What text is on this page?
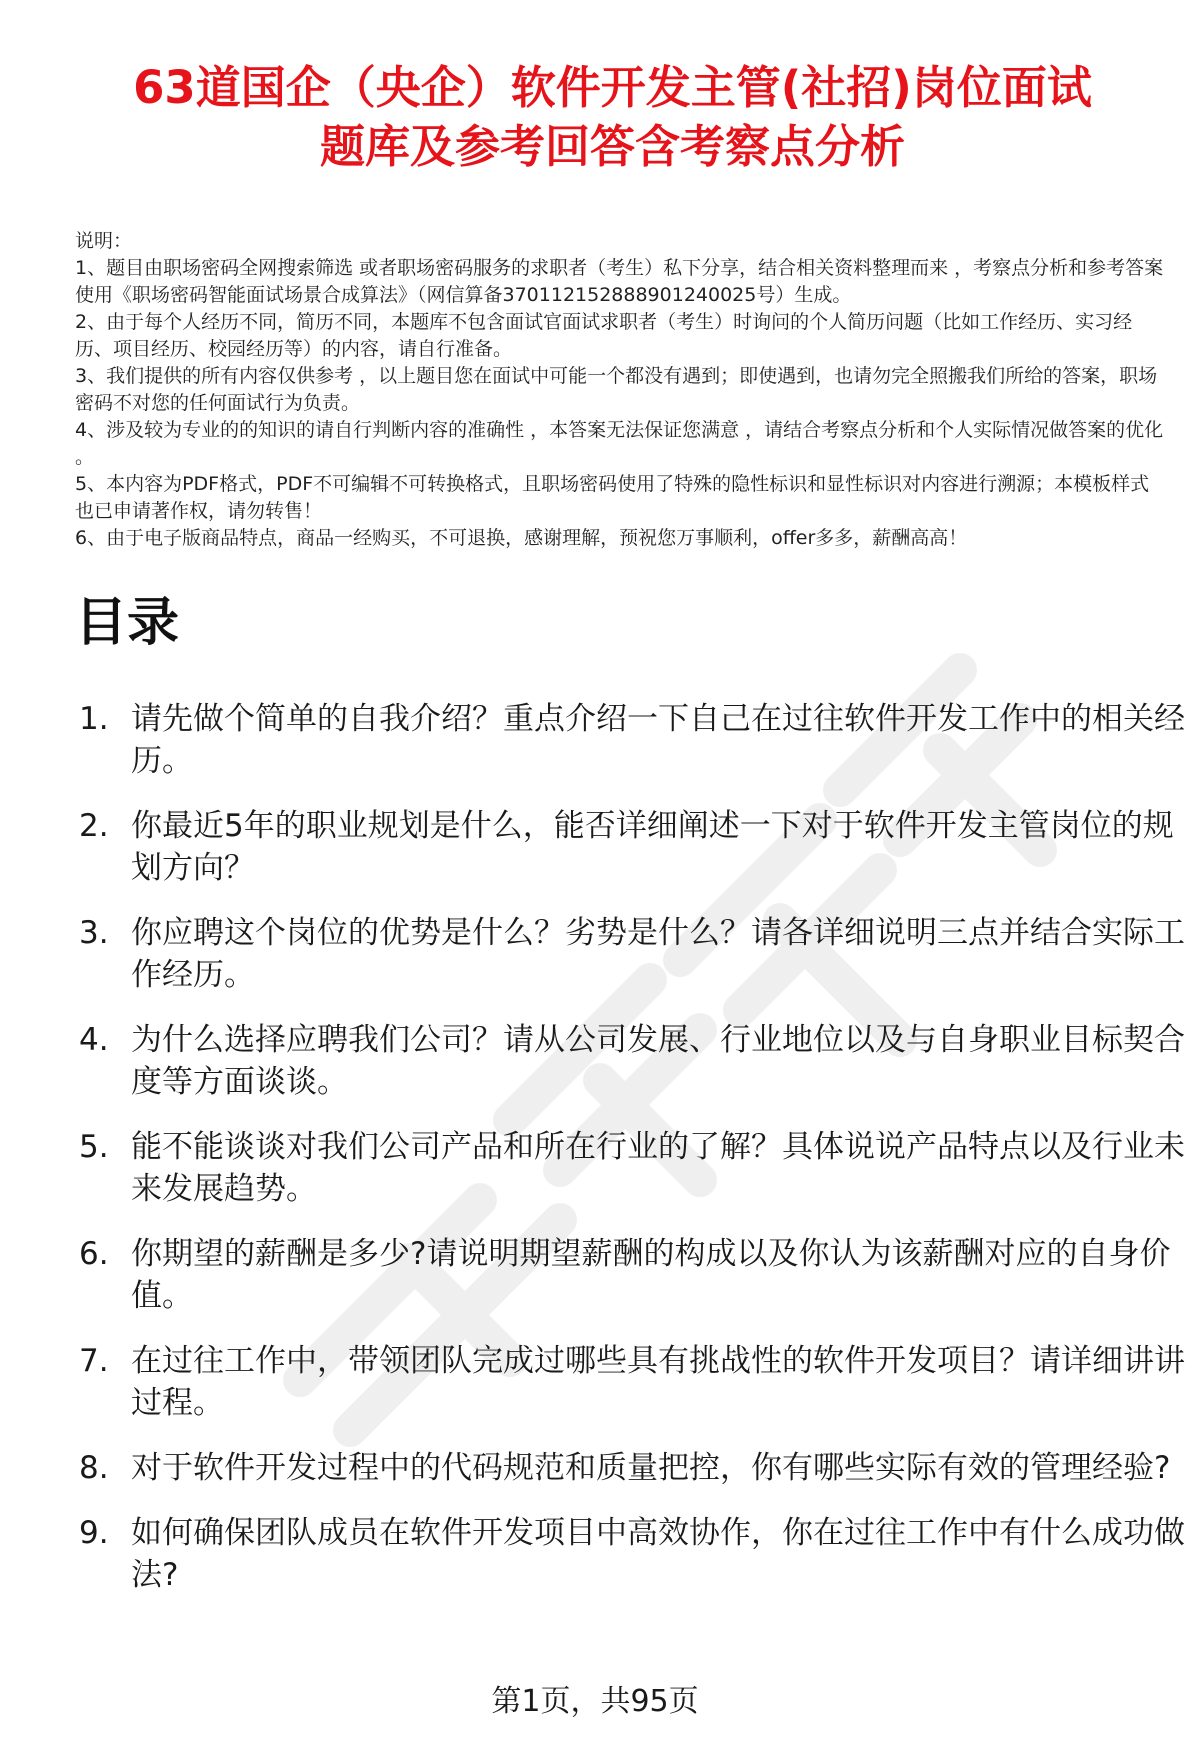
63道国企（央企）软件开发主管(社招)岗位面试
题库及参考回答含考察点分析

说明：

1、题目由职场密码全网搜索筛选 或者职场密码服务的求职者（考生）私下分享，结合相关资料整理而来 ，考察点分析和参考答案使用《职场密码智能面试场景合成算法》（网信算备370112152888901240025号）生成。

2、由于每个人经历不同，简历不同，本题库不包含面试官面试求职者（考生）时询问的个人简历问题（比如工作经历、实习经历、项目经历、校园经历等）的内容，请自行准备。

3、我们提供的所有内容仅供参考 ，以上题目您在面试中可能一个都没有遇到；即使遇到，也请勿完全照搬我们所给的答案，职场密码不对您的任何面试行为负责。

4、涉及较为专业的的知识的请自行判断内容的准确性 ，本答案无法保证您满意 ，请结合考察点分析和个人实际情况做答案的优化 。

5、本内容为PDF格式，PDF不可编辑不可转换格式，且职场密码使用了特殊的隐性标识和显性标识对内容进行溯源；本模板样式也已申请著作权，请勿转售！

6、由于电子版商品特点，商品一经购买，不可退换，感谢理解，预祝您万事顺利，offer多多，薪酬高高！

目录
1. 请先做个简单的自我介绍？重点介绍一下自己在过往软件开发工作中的相关经历。
2. 你最近5年的职业规划是什么，能否详细阐述一下对于软件开发主管岗位的规划方向？
3. 你应聘这个岗位的优势是什么？劣势是什么？请各详细说明三点并结合实际工作经历。
4. 为什么选择应聘我们公司？请从公司发展、行业地位以及与自身职业目标契合度等方面谈谈。
5. 能不能谈谈对我们公司产品和所在行业的了解？具体说说产品特点以及行业未来发展趋势。
6. 你期望的薪酬是多少?请说明期望薪酬的构成以及你认为该薪酬对应的自身价值。
7. 在过往工作中，带领团队完成过哪些具有挑战性的软件开发项目？请详细讲讲过程。
8. 对于软件开发过程中的代码规范和质量把控，你有哪些实际有效的管理经验?
9. 如何确保团队成员在软件开发项目中高效协作，你在过往工作中有什么成功做法?
第1页，共95页
